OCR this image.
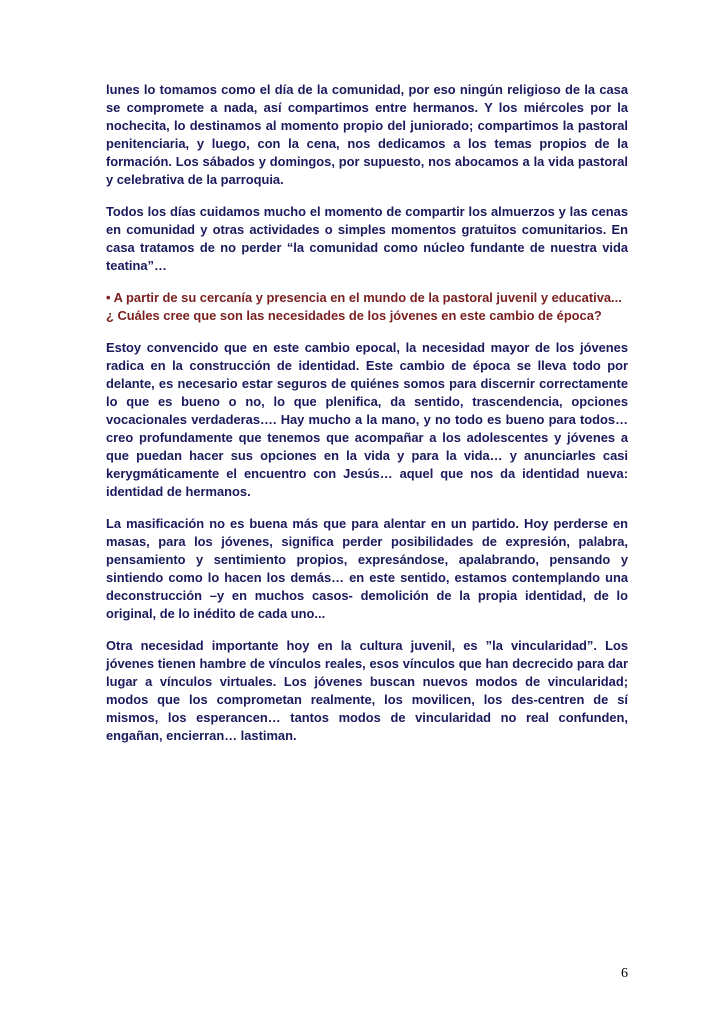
lunes lo tomamos como el día de la comunidad, por eso ningún religioso de la casa se compromete a nada, así compartimos entre hermanos. Y los miércoles por la nochecita, lo destinamos al momento propio del juniorado; compartimos la pastoral penitenciaria, y luego, con la cena, nos dedicamos a los temas propios de la formación. Los sábados y domingos, por supuesto, nos abocamos a la vida pastoral y celebrativa de la parroquia.

Todos los días cuidamos mucho el momento de compartir los almuerzos y las cenas en comunidad y otras actividades o simples momentos gratuitos comunitarios. En casa tratamos de no perder “la comunidad como núcleo fundante de nuestra vida teatina”…

• A partir de su cercanía y presencia en el mundo de la pastoral juvenil y educativa... ¿ Cuáles cree que son las necesidades de los jóvenes en este cambio de época?

Estoy convencido que en este cambio epocal, la necesidad mayor de los jóvenes radica en la construcción de identidad. Este cambio de época se lleva todo por delante, es necesario estar seguros de quiénes somos para discernir correctamente lo que es bueno o no, lo que plenifica, da sentido, trascendencia, opciones vocacionales verdaderas…. Hay mucho a la mano, y no todo es bueno para todos… creo profundamente que tenemos que acompañar a los adolescentes y jóvenes a que puedan hacer sus opciones en la vida y para la vida… y anunciarles casi kerygmáticamente el encuentro con Jesús… aquel que nos da identidad nueva: identidad de hermanos.

La masificación no es buena más que para alentar en un partido. Hoy perderse en masas, para los jóvenes, significa perder posibilidades de expresión, palabra, pensamiento y sentimiento propios, expresándose, apalabrando, pensando y sintiendo como lo hacen los demás… en este sentido, estamos contemplando una deconstrucción –y en muchos casos- demolición de la propia identidad, de lo original, de lo inédito de cada uno...

Otra necesidad importante hoy en la cultura juvenil, es ”la vincularidad”. Los jóvenes tienen hambre de vínculos reales, esos vínculos que han decrecido para dar lugar a vínculos virtuales. Los jóvenes buscan nuevos modos de vincularidad; modos que los comprometan realmente, los movilicen, los des-centren de sí mismos, los esperancen… tantos modos de vincularidad no real confunden, engañan, encierran… lastiman.

6
